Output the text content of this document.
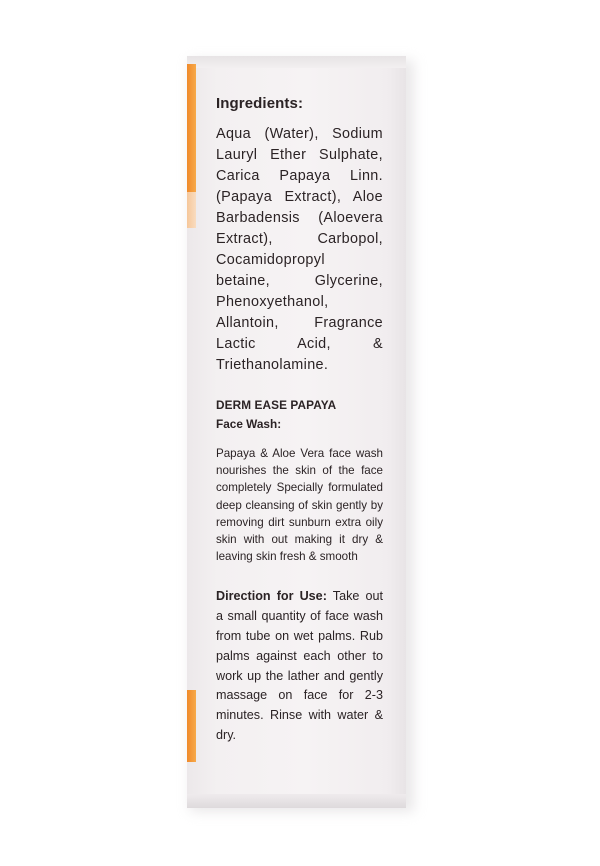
Ingredients:

Aqua (Water), Sodium Lauryl Ether Sulphate, Carica Papaya Linn. (Papaya Extract), Aloe Barbadensis (Aloevera Extract), Carbopol, Cocamidopropyl betaine, Glycerine, Phenoxyethanol, Allantoin, Fragrance Lactic Acid, & Triethanolamine.

DERM EASE PAPAYA
Face Wash:

Papaya & Aloe Vera face wash nourishes the skin of the face completely Specially formulated deep cleansing of skin gently by removing dirt sunburn extra oily skin with out making it dry & leaving skin fresh & smooth

Direction for Use: Take out a small quantity of face wash from tube on wet palms. Rub palms against each other to work up the lather and gently massage on face for 2-3 minutes. Rinse with water & dry.
